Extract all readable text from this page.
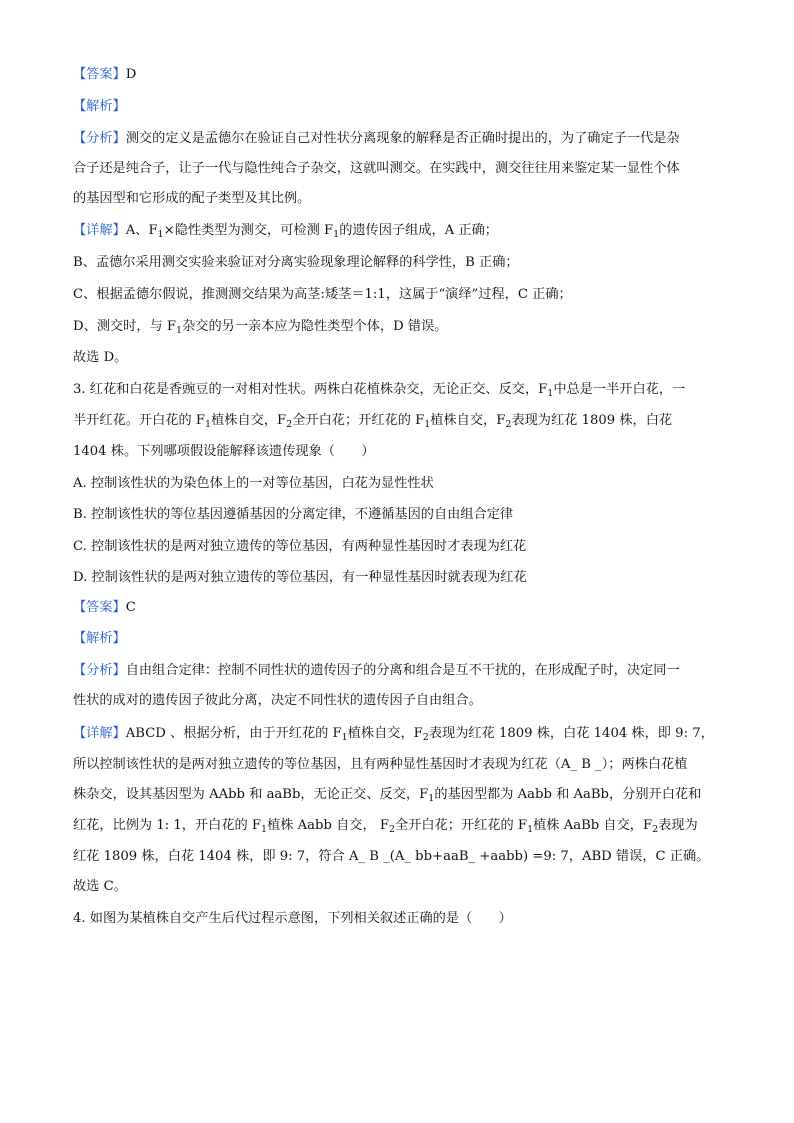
【答案】D
【解析】
【分析】测交的定义是孟德尔在验证自己对性状分离现象的解释是否正确时提出的，为了确定子一代是杂
合子还是纯合子，让子一代与隐性纯合子杂交，这就叫测交。在实践中，测交往往用来鉴定某一显性个体
的基因型和它形成的配子类型及其比例。
【详解】A、$F_1\times$隐性类型为测交，可检测 $F_1$的遗传因子组成，A 正确；
B、孟德尔采用测交实验来验证对分离实验现象理论解释的科学性，B 正确；
C、根据孟德尔假说，推测测交结果为高茎:矮茎＝1:1，这属于“演绎”过程，C 正确；
D、测交时，与 $F_1$杂交的另一亲本应为隐性类型个体，D 错误。
故选 D。
3. 红花和白花是香豌豆的一对相对性状。两株白花植株杂交，无论正交、反交，$F_1$中总是一半开白花，一
半开红花。开白花的 $F_1$植株自交，$F_2$全开白花；开红花的 $F_1$植株自交，$F_2$表现为红花 1809 株，白花
1404 株。下列哪项假设能解释该遗传现象（　　）
A. 控制该性状的为染色体上的一对等位基因，白花为显性性状
B. 控制该性状的等位基因遵循基因的分离定律，不遵循基因的自由组合定律
C. 控制该性状的是两对独立遗传的等位基因，有两种显性基因时才表现为红花
D. 控制该性状的是两对独立遗传的等位基因，有一种显性基因时就表现为红花
【答案】C
【解析】
【分析】自由组合定律：控制不同性状的遗传因子的分离和组合是互不干扰的，在形成配子时，决定同一
性状的成对的遗传因子彼此分离，决定不同性状的遗传因子自由组合。
【详解】ABCD 、根据分析，由于开红花的 $F_1$植株自交，$F_2$表现为红花 1809 株，白花 1404 株，即 9: 7，
所以控制该性状的是两对独立遗传的等位基因，且有两种显性基因时才表现为红花（A_ B _）；两株白花植
株杂交，设其基因型为 AAbb 和 aaBb，无论正交、反交，$F_1$的基因型都为 Aabb 和 AaBb，分别开白花和
红花，比例为 1: 1，开白花的 $F_1$植株 Aabb 自交， $F_2$全开白花；开红花的 $F_1$植株 AaBb 自交，$F_2$表现为
红花 1809 株，白花 1404 株，即 9: 7，符合 A_ B _(A_ bb+aaB_ +aabb) =9: 7，ABD 错误，C 正确。
故选 C。
4. 如图为某植株自交产生后代过程示意图，下列相关叙述正确的是（　　）
